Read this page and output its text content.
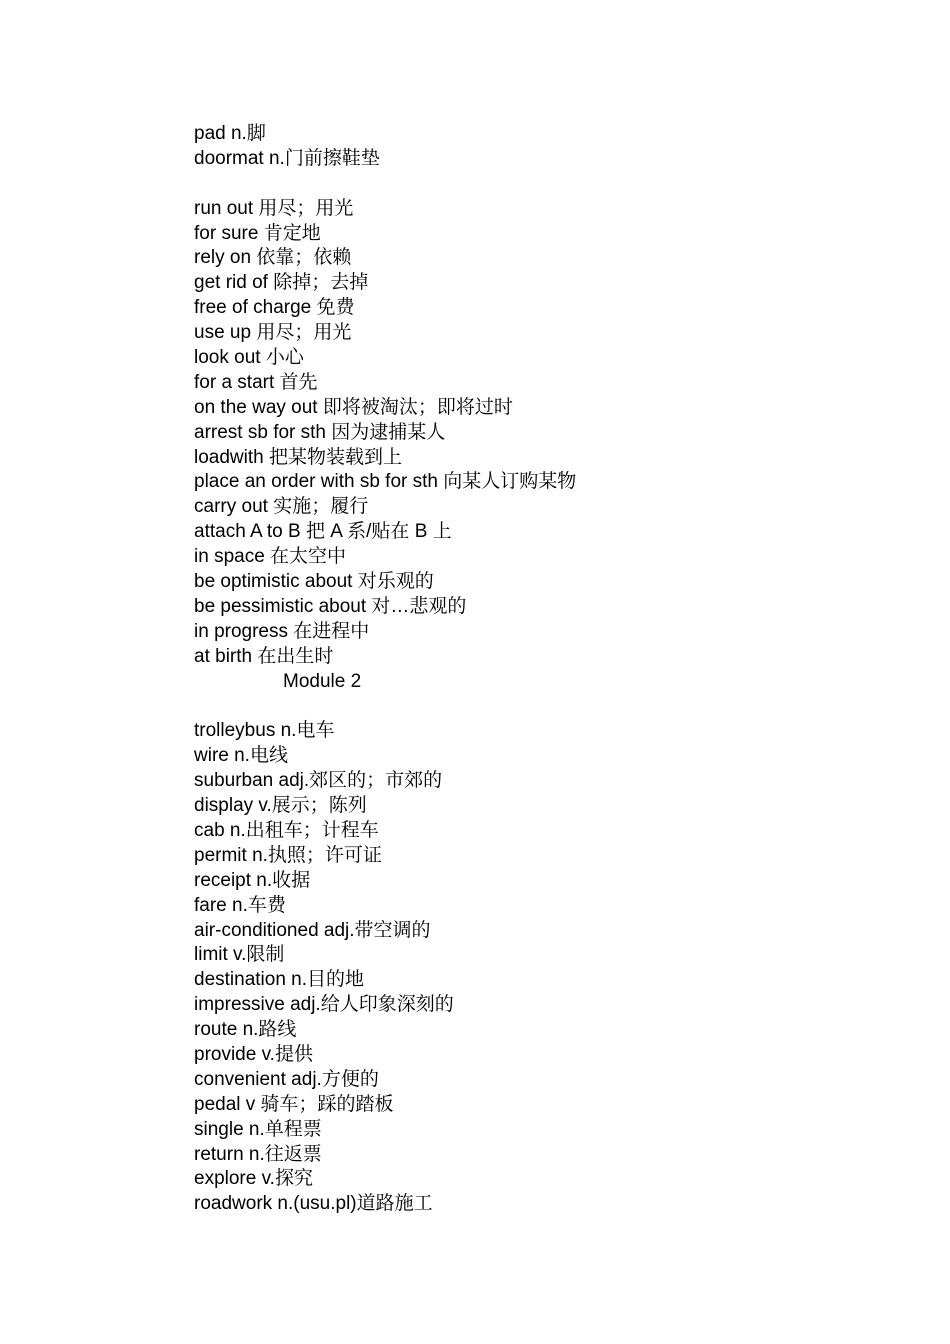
pad n.脚
doormat n.门前擦鞋垫
run out 用尽；用光
for sure 肯定地
rely on 依靠；依赖
get rid of 除掉；去掉
free of charge 免费
use up 用尽；用光
look out 小心
for a start 首先
on the way out 即将被淘汰；即将过时
arrest sb for sth 因为逮捕某人
loadwith 把某物装载到上
place an order with sb for sth 向某人订购某物
carry out 实施；履行
attach A to B 把 A 系/贴在 B 上
in space 在太空中
be optimistic about 对乐观的
be pessimistic about 对…悲观的
in progress 在进程中
at birth 在出生时
Module 2
trolleybus n.电车
wire n.电线
suburban adj.郊区的；市郊的
display v.展示；陈列
cab n.出租车；计程车
permit n.执照；许可证
receipt n.收据
fare n.车费
air-conditioned adj.带空调的
limit v.限制
destination n.目的地
impressive adj.给人印象深刻的
route n.路线
provide v.提供
convenient adj.方便的
pedal v 骑车；踩的踏板
single n.单程票
return n.往返票
explore v.探究
roadwork n.(usu.pl)道路施工
